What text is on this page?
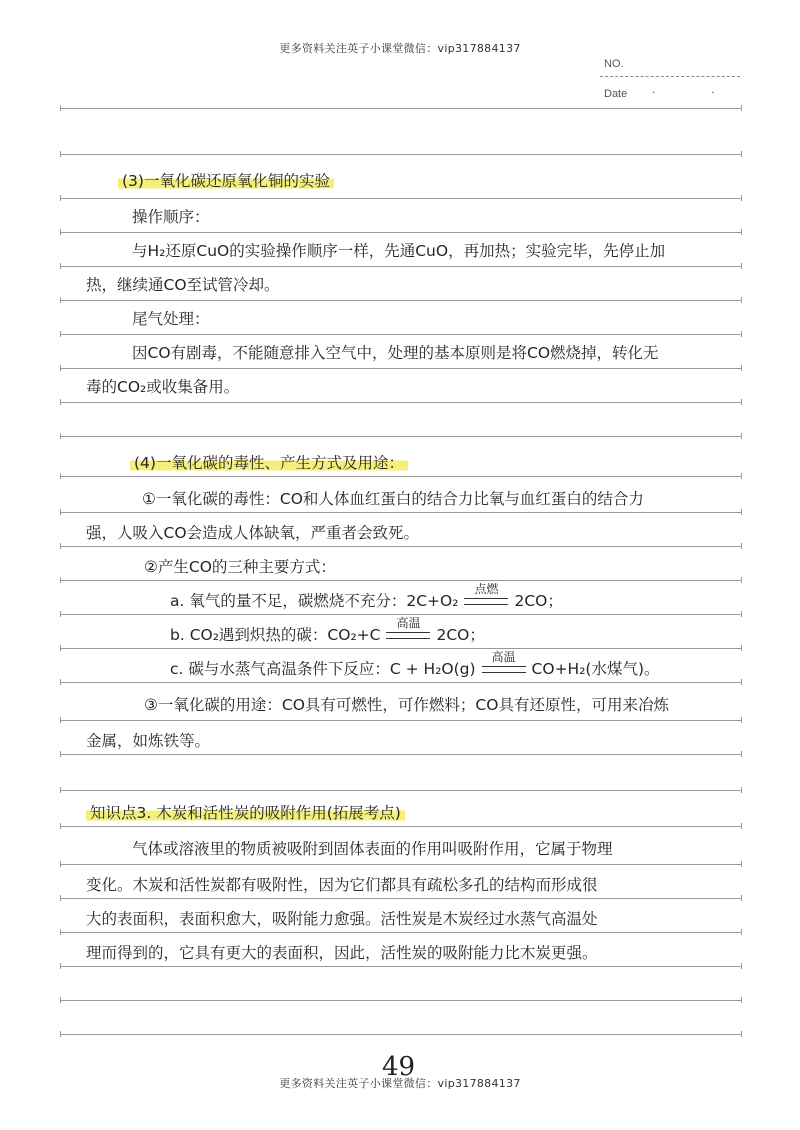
更多资料关注英子小课堂微信：vip317884137
NO.
Date · ·
(3)一氧化碳还原氧化铜的实验
操作顺序：
与H₂还原CuO的实验操作顺序一样，先通CuO，再加热；实验完毕，先停止加
热，继续通CO至试管冷却。
尾气处理：
因CO有剧毒，不能随意排入空气中，处理的基本原则是将CO燃烧掉，转化无
毒的CO₂或收集备用。
(4)一氧化碳的毒性、产生方式及用途：
①一氧化碳的毒性：CO和人体血红蛋白的结合力比氧与血红蛋白的结合力
强，人吸入CO会造成人体缺氧，严重者会致死。
②产生CO的三种主要方式：
a. 氧气的量不足，碳燃烧不充分：2C+O₂
点燃
2CO；
b. CO₂遇到炽热的碳：CO₂+C
高温
2CO；
c. 碳与水蒸气高温条件下反应：C + H₂O(g)
高温
CO+H₂(水煤气)。
③一氧化碳的用途：CO具有可燃性，可作燃料；CO具有还原性，可用来冶炼
金属，如炼铁等。
知识点3. 木炭和活性炭的吸附作用(拓展考点)
气体或溶液里的物质被吸附到固体表面的作用叫吸附作用，它属于物理
变化。木炭和活性炭都有吸附性，因为它们都具有疏松多孔的结构而形成很
大的表面积，表面积愈大，吸附能力愈强。活性炭是木炭经过水蒸气高温处
理而得到的，它具有更大的表面积，因此，活性炭的吸附能力比木炭更强。
49
更多资料关注英子小课堂微信：vip317884137
